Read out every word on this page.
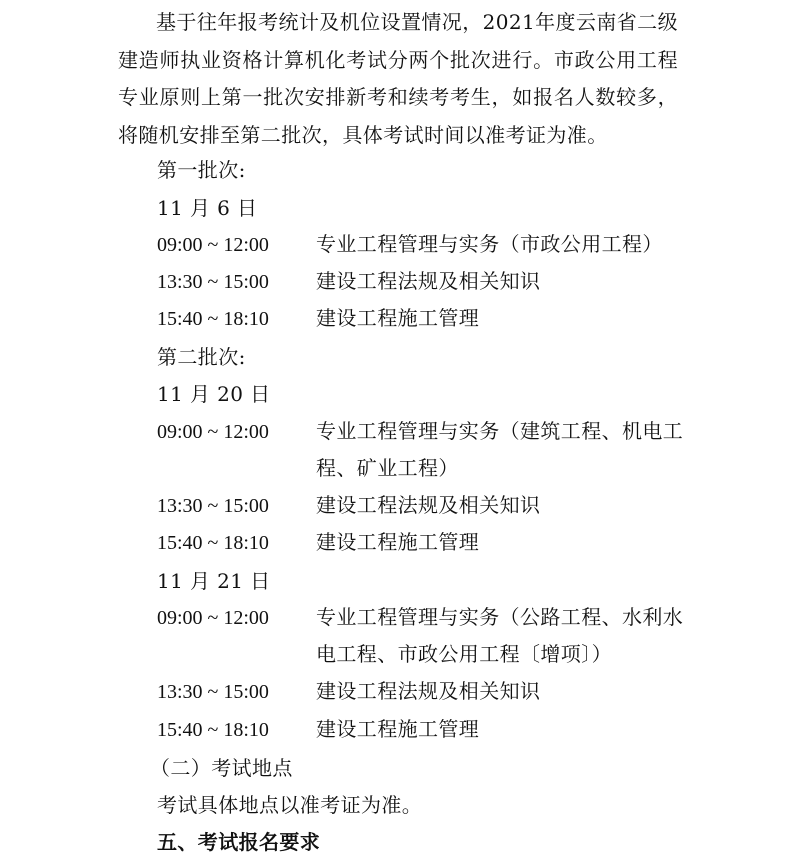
基于往年报考统计及机位设置情况，2021年度云南省二级建造师执业资格计算机化考试分两个批次进行。市政公用工程专业原则上第一批次安排新考和续考考生，如报名人数较多，将随机安排至第二批次，具体考试时间以准考证为准。

第一批次:
11 月 6 日
09:00 ~ 12:00 专业工程管理与实务（市政公用工程）
13:30 ~ 15:00 建设工程法规及相关知识
15:40 ~ 18:10 建设工程施工管理
第二批次:
11 月 20 日
09:00 ~ 12:00 专业工程管理与实务（建筑工程、机电工程、矿业工程）
13:30 ~ 15:00 建设工程法规及相关知识
15:40 ~ 18:10 建设工程施工管理
11 月 21 日
09:00 ~ 12:00 专业工程管理与实务（公路工程、水利水电工程、市政公用工程〔增项〕）
13:30 ~ 15:00 建设工程法规及相关知识
15:40 ~ 18:10 建设工程施工管理
（二）考试地点
考试具体地点以准考证为准。
五、考试报名要求
